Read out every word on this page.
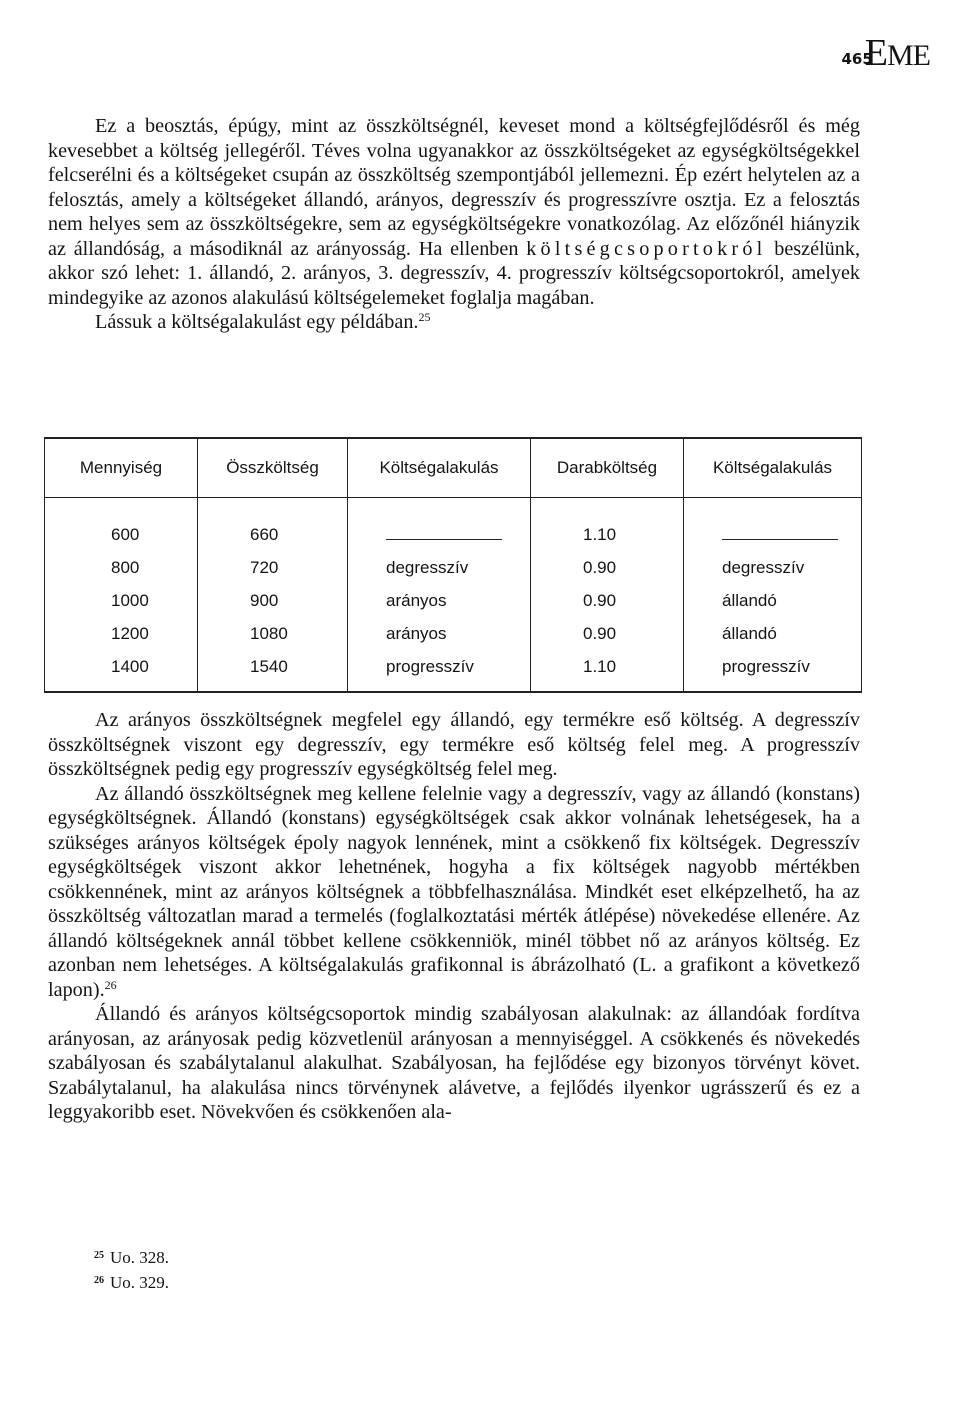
465
EME

Ez a beosztás, épúgy, mint az összköltségnél, keveset mond a költségfejlődésről és még kevesebbet a költség jellegéről. Téves volna ugyanakkor az összköltségeket az egységköltségekkel felcserélni és a költségeket csupán az összköltség szempontjából jellemezni. Ép ezért helytelen az a felosztás, amely a költségeket állandó, arányos, degresszív és progresszívre osztja. Ez a felosztás nem helyes sem az összköltségekre, sem az egységköltségekre vonatkozólag. Az előzőnél hiányzik az állandóság, a másodiknál az arányosság. Ha ellenben költségcsoportokról beszélünk, akkor szó lehet: 1. állandó, 2. arányos, 3. degresszív, 4. progresszív költségcsoportokról, amelyek mindegyike az azonos alakulású költségelemeket foglalja magában.

Lássuk a költségalakulást egy példában.$^{25}$

Mennyiség	Összköltség	Költségalakulás	Darabköltség	Költségalakulás
600	660		1.10	
800	720	degresszív	0.90	degresszív
1000	900	arányos	0.90	állandó
1200	1080	arányos	0.90	állandó
1400	1540	progresszív	1.10	progresszív

Az arányos összköltségnek megfelel egy állandó, egy termékre eső költség. A degresszív összköltségnek viszont egy degresszív, egy termékre eső költség felel meg. A progresszív összköltségnek pedig egy progresszív egységköltség felel meg.

Az állandó összköltségnek meg kellene felelnie vagy a degresszív, vagy az állandó (konstans) egységköltségnek. Állandó (konstans) egységköltségek csak akkor volnának lehetségesek, ha a szükséges arányos költségek époly nagyok lennének, mint a csökkenő fix költségek. Degresszív egységköltségek viszont akkor lehetnének, hogyha a fix költségek nagyobb mértékben csökkennének, mint az arányos költségnek a többfelhasználása. Mindkét eset elképzelhető, ha az összköltség változatlan marad a termelés (foglalkoztatási mérték átlépése) növekedése ellenére. Az állandó költségeknek annál többet kellene csökkenniök, minél többet nő az arányos költség. Ez azonban nem lehetséges. A költségalakulás grafikonnal is ábrázolható (L. a grafikont a következő lapon).$^{26}$

Állandó és arányos költségcsoportok mindig szabályosan alakulnak: az állandóak fordítva arányosan, az arányosak pedig közvetlenül arányosan a mennyiséggel. A csökkenés és növekedés szabályosan és szabálytalanul alakulhat. Szabályosan, ha fejlődése egy bizonyos törvényt követ. Szabálytalanul, ha alakulása nincs törvénynek alávetve, a fejlődés ilyenkor ugrásszerű és ez a leggyakoribb eset. Növekvően és csökkenően ala-

$^{25}$ Uo. 328.
$^{26}$ Uo. 329.
